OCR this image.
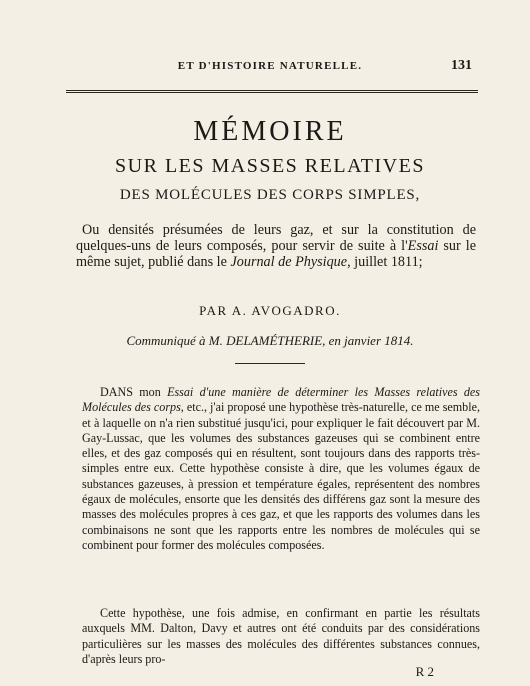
ET D'HISTOIRE NATURELLE.	131
MÉMOIRE
SUR LES MASSES RELATIVES
DES MOLÉCULES DES CORPS SIMPLES,
Ou densités présumées de leurs gaz, et sur la constitution de quelques-uns de leurs composés, pour servir de suite à l'Essai sur le même sujet, publié dans le Journal de Physique, juillet 1811;
PAR A. AVOGADRO.
Communiqué à M. DELAMÉTHERIE, en janvier 1814.
DANS mon Essai d'une manière de déterminer les Masses relatives des Molécules des corps, etc., j'ai proposé une hypothèse très-naturelle, ce me semble, et à laquelle on n'a rien substitué jusqu'ici, pour expliquer le fait découvert par M. Gay-Lussac, que les volumes des substances gazeuses qui se combinent entre elles, et des gaz composés qui en résultent, sont toujours dans des rapports très-simples entre eux. Cette hypothèse consiste à dire, que les volumes égaux de substances gazeuses, à pression et température égales, représentent des nombres égaux de molécules, ensorte que les densités des différens gaz sont la mesure des masses des molécules propres à ces gaz, et que les rapports des volumes dans les combinaisons ne sont que les rapports entre les nombres de molécules qui se combinent pour former des molécules composées.
Cette hypothèse, une fois admise, en confirmant en partie les résultats auxquels MM. Dalton, Davy et autres ont été conduits par des considérations particulières sur les masses des molécules des différentes substances connues, d'après leurs pro-
R 2
